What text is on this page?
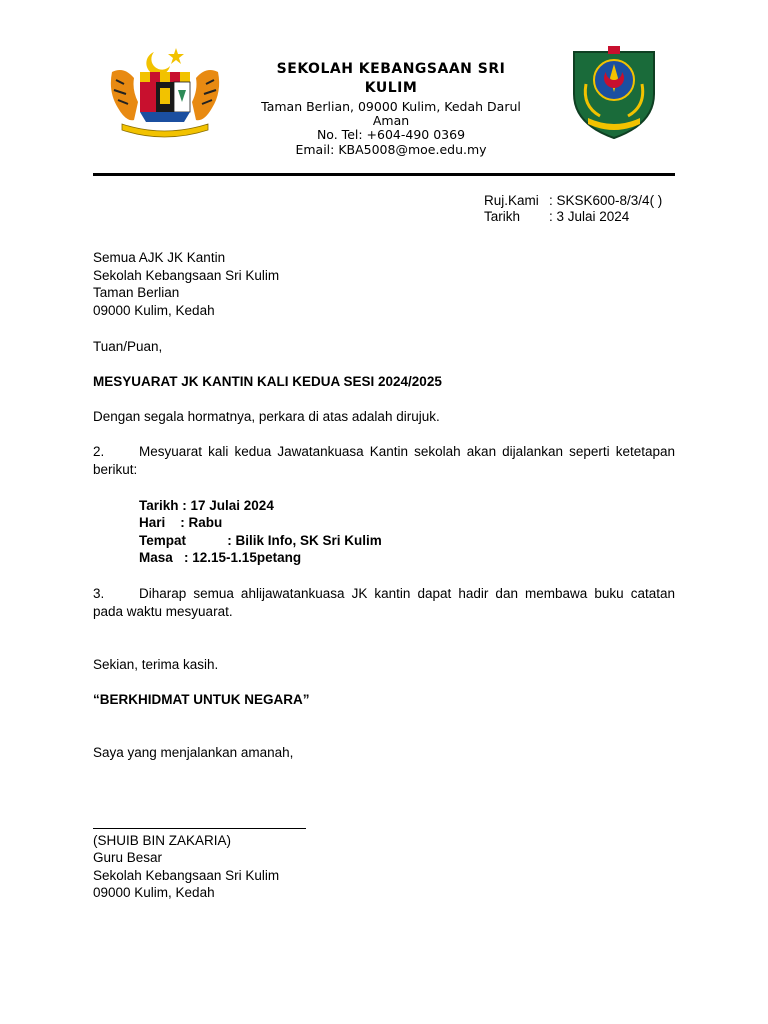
SEKOLAH KEBANGSAAN SRI
KULIM
Taman Berlian, 09000 Kulim, Kedah Darul
Aman
No. Tel: +604-490 0369
Email: KBA5008@moe.edu.my
Ruj.Kami : SKSK600-8/3/4( )
Tarikh : 3 Julai 2024
Semua AJK JK Kantin
Sekolah Kebangsaan Sri Kulim
Taman Berlian
09000 Kulim, Kedah
Tuan/Puan,
MESYUARAT JK KANTIN KALI KEDUA SESI 2024/2025
Dengan segala hormatnya, perkara di atas adalah dirujuk.
2.	Mesyuarat kali kedua Jawatankuasa Kantin sekolah akan dijalankan seperti ketetapan berikut:
Tarikh : 17 Julai 2024
Hari    : Rabu
Tempat           : Bilik Info, SK Sri Kulim
Masa   : 12.15-1.15petang
3.	Diharap semua ahlijawatankuasa JK kantin dapat hadir dan membawa buku catatan pada waktu mesyuarat.
Sekian, terima kasih.
“BERKHIDMAT UNTUK NEGARA”
Saya yang menjalankan amanah,
(SHUIB BIN ZAKARIA)
Guru Besar
Sekolah Kebangsaan Sri Kulim
09000 Kulim, Kedah
